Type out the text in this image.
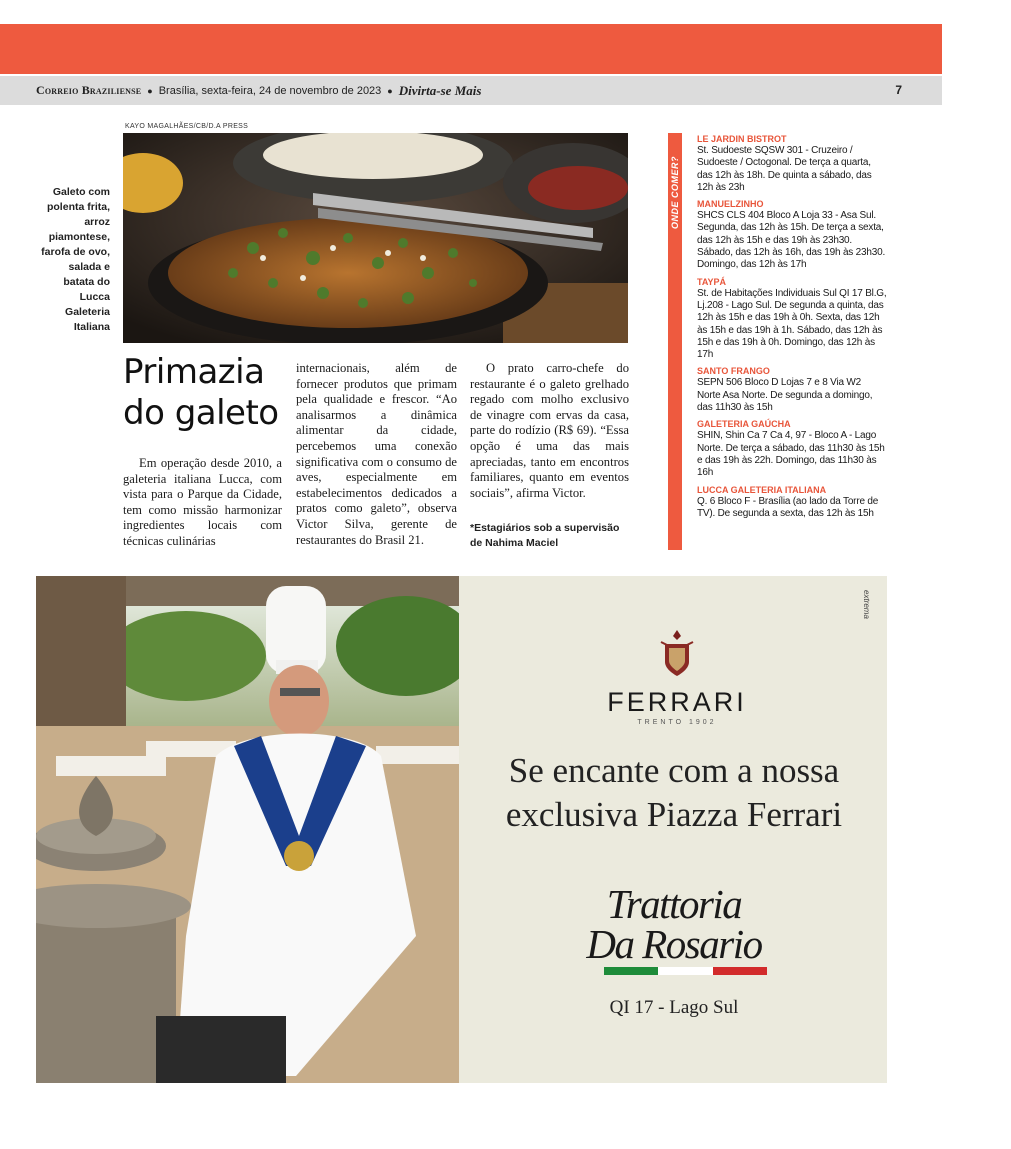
Correio Braziliense ● Brasília, sexta-feira, 24 de novembro de 2023 ● Divirta-se Mais	7
KAYO MAGALHÃES/CB/D.A PRESS
Galeto com polenta frita, arroz piamontese, farofa de ovo, salada e batata do Lucca Galeteria Italiana
Primazia
do galeto

Em operação desde 2010, a galeteria italiana Lucca, com vista para o Parque da Cidade, tem como missão harmonizar ingredientes locais com técnicas culinárias

internacionais, além de fornecer produtos que primam pela qualidade e frescor. “Ao analisarmos a dinâmica alimentar da cidade, percebemos uma conexão significativa com o consumo de aves, especialmente em estabelecimentos dedicados a pratos como galeto”, observa Victor Silva, gerente de restaurantes do Brasil 21.

O prato carro-chefe do restaurante é o galeto grelhado regado com molho exclusivo de vinagre com ervas da casa, parte do rodízio (R$ 69). “Essa opção é uma das mais apreciadas, tanto em encontros familiares, quanto em eventos sociais”, afirma Victor.

*Estagiários sob a supervisão de Nahima Maciel
ONDE COMER?
LE JARDIN BISTROT
St. Sudoeste SQSW 301 - Cruzeiro / Sudoeste / Octogonal. De terça a quarta, das 12h às 18h. De quinta a sábado, das 12h às 23h
MANUELZINHO
SHCS CLS 404 Bloco A Loja 33 - Asa Sul. Segunda, das 12h às 15h. De terça a sexta, das 12h às 15h e das 19h às 23h30. Sábado, das 12h às 16h, das 19h às 23h30. Domingo, das 12h às 17h
TAYPÁ
St. de Habitações Individuais Sul QI 17 Bl.G, Lj.208 - Lago Sul. De segunda a quinta, das 12h às 15h e das 19h à 0h. Sexta, das 12h às 15h e das 19h à 1h. Sábado, das 12h às 15h e das 19h à 0h. Domingo, das 12h às 17h
SANTO FRANGO
SEPN 506 Bloco D Lojas 7 e 8 Via W2 Norte Asa Norte. De segunda a domingo, das 11h30 às 15h
GALETERIA GAÚCHA
SHIN, Shin Ca 7 Ca 4, 97 - Bloco A - Lago Norte. De terça a sábado, das 11h30 às 15h e das 19h às 22h. Domingo, das 11h30 às 16h
LUCCA GALETERIA ITALIANA
Q. 6 Bloco F - Brasília (ao lado da Torre de TV). De segunda a sexta, das 12h às 15h
extrema
FERRARI
TRENTO 1902
Se encante com a nossa
exclusiva Piazza Ferrari
Trattoria
Da Rosario
QI 17 - Lago Sul
